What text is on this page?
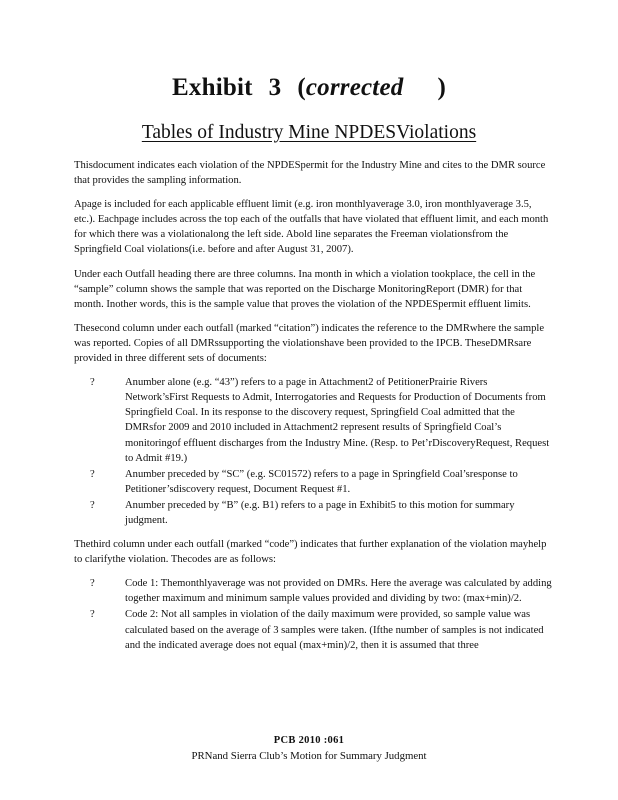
Exhibit 3 (corrected )
Tables of Industry Mine NPDESViolations

Thisdocument indicates each violation of the NPDESpermit for the Industry Mine and cites to the DMR source that provides the sampling information.

Apage is included for each applicable effluent limit (e.g. iron monthlyaverage 3.0, iron monthlyaverage 3.5, etc.). Eachpage includes across the top each of the outfalls that have violated that effluent limit, and each month for which there was a violationalong the left side. Abold line separates the Freeman violationsfrom the Springfield Coal violations(i.e. before and after August 31, 2007).

Under each Outfall heading there are three columns. Ina month in which a violation tookplace, the cell in the “sample” column shows the sample that was reported on the Discharge MonitoringReport (DMR) for that month. Inother words, this is the sample value that proves the violation of the NPDESpermit effluent limits.

Thesecond column under each outfall (marked “citation”) indicates the reference to the DMRwhere the sample was reported. Copies of all DMRssupporting the violationshave been provided to the IPCB. TheseDMRsare provided in three different sets of documents:

?	Anumber alone (e.g. “43”) refers to a page in Attachment2 of PetitionerPrairie Rivers Network’sFirst Requests to Admit, Interrogatories and Requests for Production of Documents from Springfield Coal. In its response to the discovery request, Springfield Coal admitted that the DMRsfor 2009 and 2010 included in Attachment2 represent results of Springfield Coal’s monitoringof effluent discharges from the Industry Mine. (Resp. to Pet’rDiscoveryRequest, Request to Admit #19.)
?	Anumber preceded by “SC” (e.g. SC01572) refers to a page in Springfield Coal’sresponse to Petitioner’sdiscovery request, Document Request #1.
?	Anumber preceded by “B” (e.g. B1) refers to a page in Exhibit5 to this motion for summary judgment.

Thethird column under each outfall (marked “code”) indicates that further explanation of the violation mayhelp to clarifythe violation. Thecodes are as follows:

?	Code 1: Themonthlyaverage was not provided on DMRs. Here the average was calculated by adding together maximum and minimum sample values provided and dividing by two: (max+min)/2.
?	Code 2: Not all samples in violation of the daily maximum were provided, so sample value was calculated based on the average of 3 samples were taken. (Ifthe number of samples is not indicated and the indicated average does not equal (max+min)/2, then it is assumed that three
PCB 2010 :061
PRNand Sierra Club’s Motion for Summary Judgment
